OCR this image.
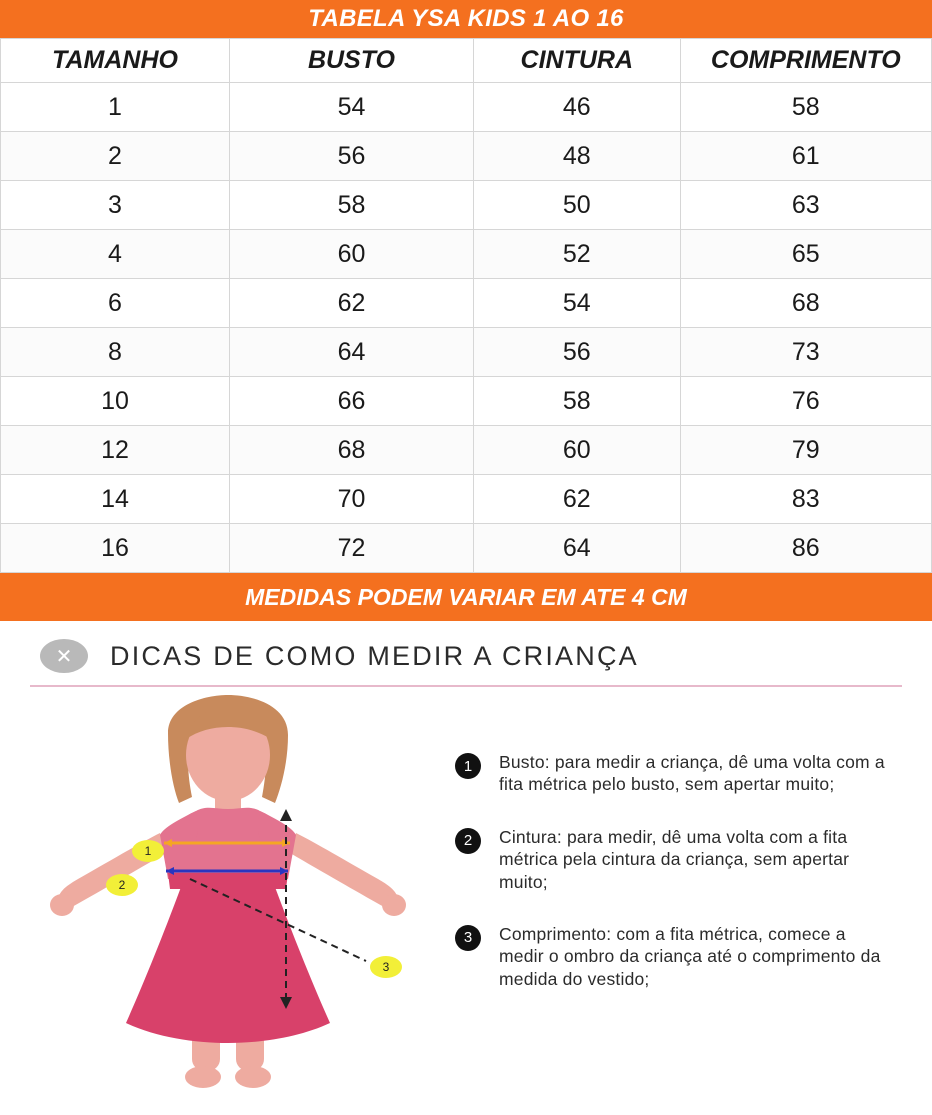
TABELA YSA KIDS 1 AO 16
TAMANHO	BUSTO	CINTURA	COMPRIMENTO
1	54	46	58
2	56	48	61
3	58	50	63
4	60	52	65
6	62	54	68
8	64	56	73
10	66	58	76
12	68	60	79
14	70	62	83
16	72	64	86
MEDIDAS PODEM VARIAR EM ATE 4 CM
✕	DICAS DE COMO MEDIR A CRIANÇA
1
2
3
1	Busto: para medir a criança, dê uma volta com a fita métrica pelo busto, sem apertar muito;
2	Cintura: para medir, dê uma volta com a fita métrica pela cintura da criança, sem apertar muito;
3	Comprimento: com a fita métrica, comece a medir o ombro da criança até o comprimento da medida do vestido;
